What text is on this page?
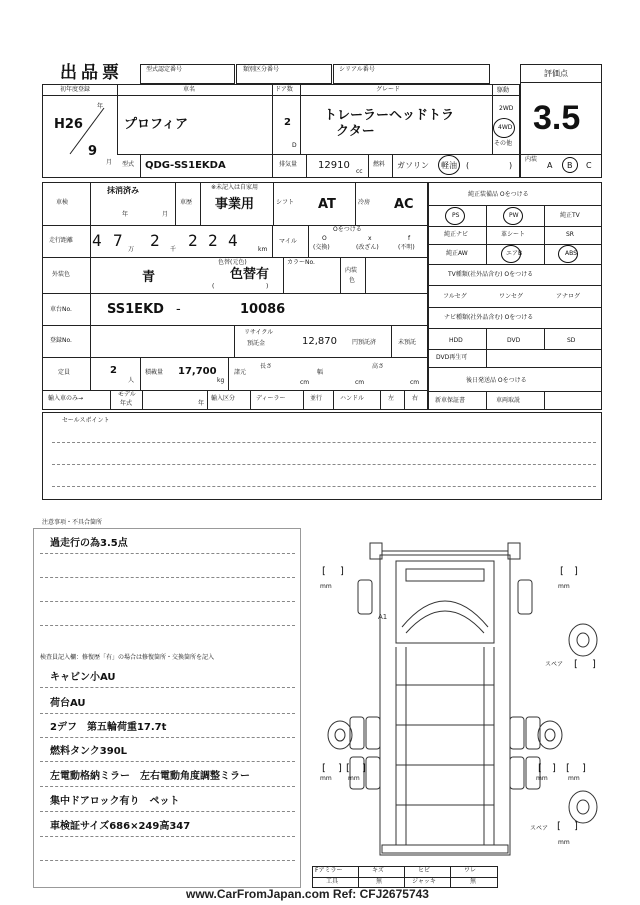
出品票	型式認定番号	類別区分番号	シリアル番号	評価点
3.5
初年度登録
H26
年
9
月
車名
プロフィア
ドア数
2
D
グレード
トレーラーヘッドトラ
クター
駆動
2WD
4WD
その他
型式 QDG-SS1EKDA	排気量 12910
cc
燃料 ガソリン 軽油 (	)
内装
A B C
車検
抹消済み
年	月
車歴
※未記入は自家用
事業用	シフト AT	冷房 AC
走行距離 4 7 万 2 千 2 2 4	km
マイル
Oをつける
O	x	f
(交換)	(改ざん)	(不明)
外装色	青
色替(元色)
色替有
(	)
カラーNo.
内装
色
車台No.	SS1EKD -	10086
登録No.
リサイクル
預託金	12,870	円預託済	未預託
定員	2
人
積載量 17,700
kg
諸元
長さ
cm
幅
cm
高さ
cm
輸入車のみ→
モデル
年式	年
輸入区分	ディーラー	並行	ハンドル	左	右
純正装備品 Oをつける
PS	PW	純正TV
純正ナビ	革シート	SR
純正AW	エアB	ABS
TV種類(社外品含む) Oをつける
フルセグ	ワンセグ	アナログ
ナビ種類(社外品含む) Oをつける
HDD	DVD	SD
DVD再生可
後日発送品 Oをつける
新車保証書	車両取説
セールスポイント
注意事項・不具合箇所
過走行の為3.5点
検査員記入欄：修復歴「有」の場合は修復箇所・交換箇所を記入
キャビン小AU
荷台AU
2デフ　第五輪荷重17.7t
燃料タンク390L
左電動格納ミラー　左右電動角度調整ミラー
集中ドアロック有り　ペット
車検証サイズ686×249高347
A1
[ ]
mm
[ ]
mm
スペア [ ]
[ ]
mm
[ ]
mm
[ ]
mm
[ ]
mm
スペア [ ]
mm
Fアミラー	キズ	ヒビ	ワレ
工具	無	ジャッキ	無
www.CarFromJapan.com Ref: CFJ2675743
